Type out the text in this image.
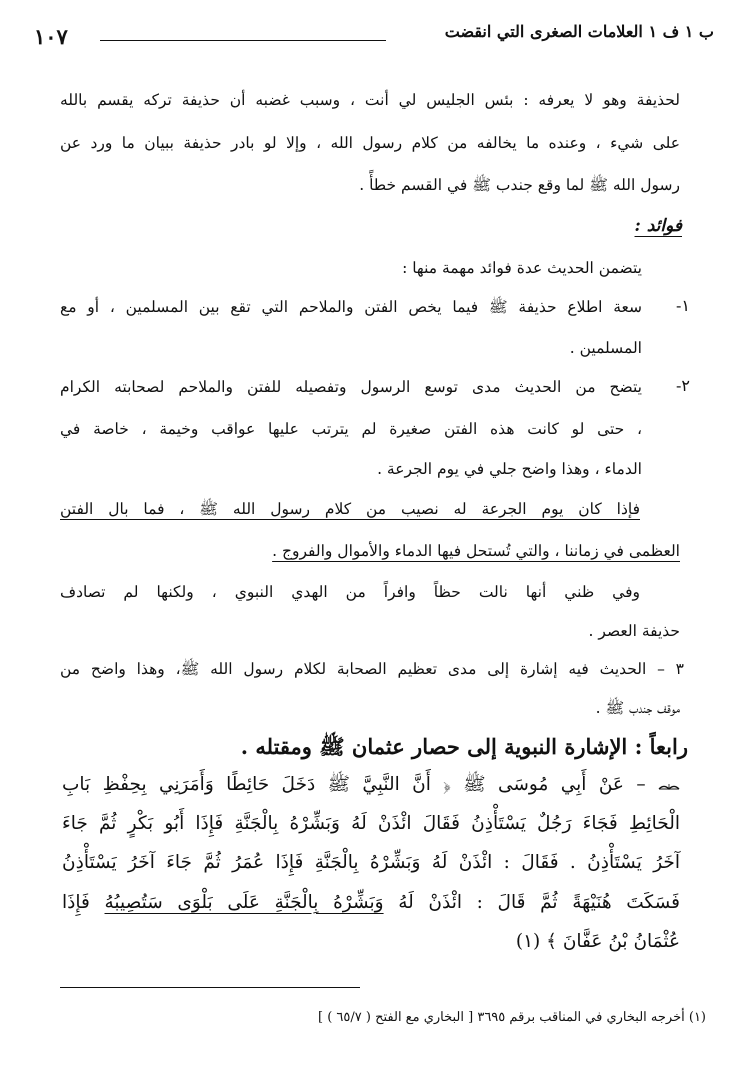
ب ١ ف ١ العلامات الصغرى التي انقضت
١٠٧
لحذيفة وهو لا يعرفه : بئس الجليس لي أنت ، وسبب غضبه أن حذيفة تركه يقسم بالله
على شيء ، وعنده ما يخالفه من كلام رسول الله ، وإلا لو بادر حذيفة ببيان ما ورد عن
رسول الله ﷺ لما وقع جندب ﷺ في القسم خطأً .
فوائد :
يتضمن الحديث عدة فوائد مهمة منها :
١-
سعة اطلاع حذيفة ﷺ فيما يخص الفتن والملاحم التي تقع بين المسلمين ، أو مع
المسلمين .
٢-
يتضح من الحديث مدى توسع الرسول وتفصيله للفتن والملاحم لصحابته الكرام
، حتى لو كانت هذه الفتن صغيرة لم يترتب عليها عواقب وخيمة ، خاصة في
الدماء ، وهذا واضح جلي في يوم الجرعة .
فإذا كان يوم الجرعة له نصيب من كلام رسول الله ﷺ ، فما بال الفتن
العظمى في زماننا ، والتي تُستحل فيها الدماء والأموال والفروج .
وفي ظني أنها نالت حظاً وافراً من الهدي النبوي ، ولكنها لم تصادف
حذيفة العصر .
٣ – الحديث فيه إشارة إلى مدى تعظيم الصحابة لكلام رسول الله ﷺ، وهذا واضح من
موقف جندب ﷺ .
رابعاً : الإشارة النبوية إلى حصار عثمان ﷺ ومقتله .
– عَنْ أَبِي مُوسَى ﷺ ﴿ أَنَّ النَّبِيَّ ﷺ دَخَلَ حَائِطًا وَأَمَرَنِي بِحِفْظِ بَابِ
الْحَائِطِ فَجَاءَ رَجُلٌ يَسْتَأْذِنُ فَقَالَ ائْذَنْ لَهُ وَبَشِّرْهُ بِالْجَنَّةِ فَإِذَا أَبُو بَكْرٍ ثُمَّ جَاءَ
آخَرُ يَسْتَأْذِنُ . فَقَالَ : ائْذَنْ لَهُ وَبَشِّرْهُ بِالْجَنَّةِ فَإِذَا عُمَرُ ثُمَّ جَاءَ آخَرُ يَسْتَأْذِنُ
فَسَكَتَ هُنَيْهَةً ثُمَّ قَالَ : ائْذَنْ لَهُ وَبَشِّرْهُ بِالْجَنَّةِ عَلَى بَلْوَى سَتُصِيبُهُ فَإِذَا
عُثْمَانُ بْنُ عَفَّانَ ﴾ (١)
(١) أخرجه البخاري في المناقب برقم ٣٦٩٥ [ البخاري مع الفتح ( ٦٥/٧ ) ]
